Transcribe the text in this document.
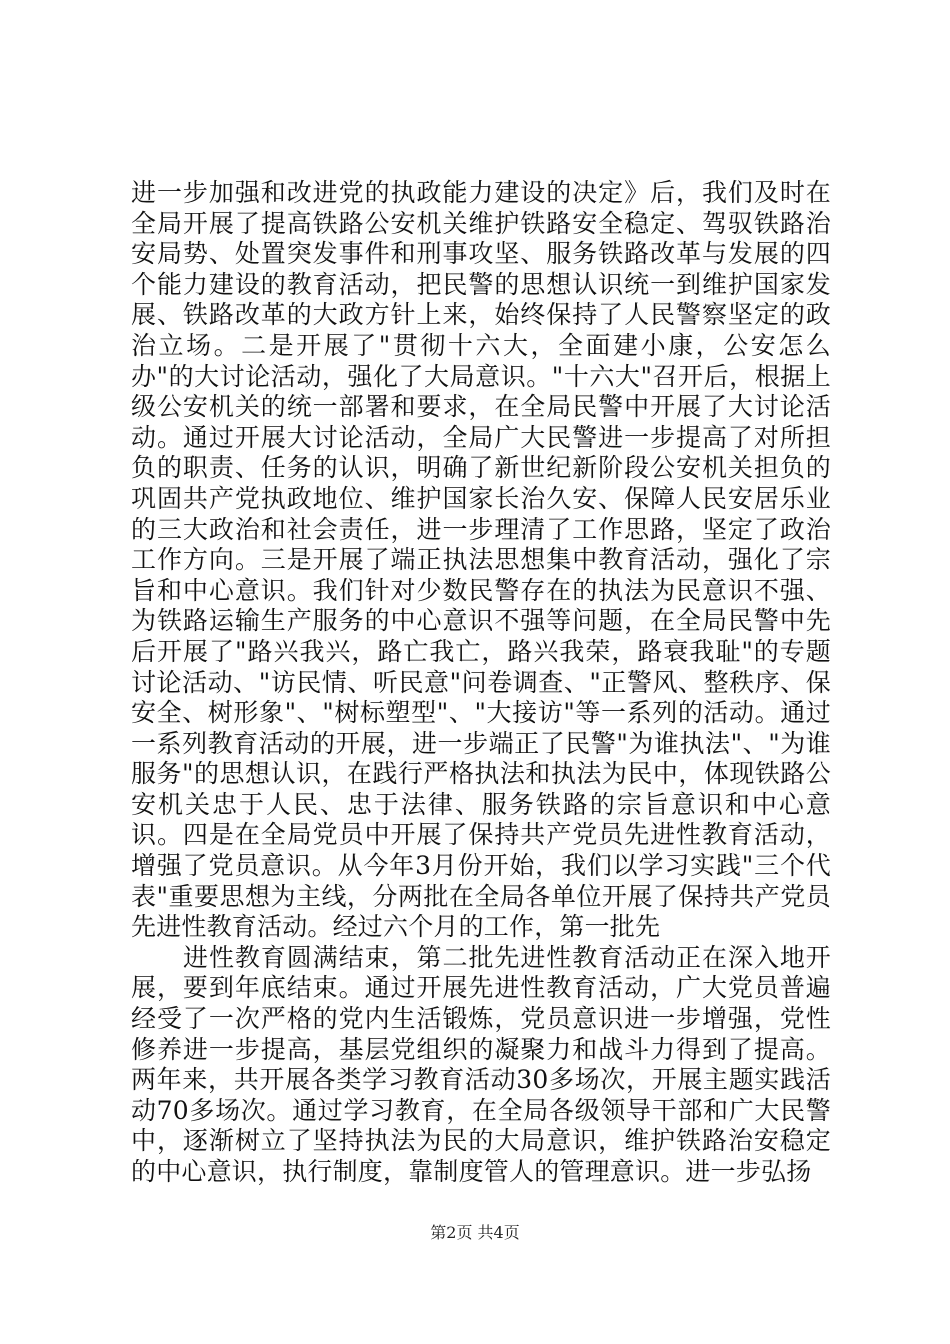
进一步加强和改进党的执政能力建设的决定》后，我们及时在全局开展了提高铁路公安机关维护铁路安全稳定、驾驭铁路治安局势、处置突发事件和刑事攻坚、服务铁路改革与发展的四个能力建设的教育活动，把民警的思想认识统一到维护国家发展、铁路改革的大政方针上来，始终保持了人民警察坚定的政治立场。二是开展了"贯彻十六大，全面建小康，公安怎么办"的大讨论活动，强化了大局意识。"十六大"召开后，根据上级公安机关的统一部署和要求，在全局民警中开展了大讨论活动。通过开展大讨论活动，全局广大民警进一步提高了对所担负的职责、任务的认识，明确了新世纪新阶段公安机关担负的巩固共产党执政地位、维护国家长治久安、保障人民安居乐业的三大政治和社会责任，进一步理清了工作思路，坚定了政治工作方向。三是开展了端正执法思想集中教育活动，强化了宗旨和中心意识。我们针对少数民警存在的执法为民意识不强、为铁路运输生产服务的中心意识不强等问题，在全局民警中先后开展了"路兴我兴，路亡我亡，路兴我荣，路衰我耻"的专题讨论活动、"访民情、听民意"问卷调查、"正警风、整秩序、保安全、树形象"、"树标塑型"、"大接访"等一系列的活动。通过一系列教育活动的开展，进一步端正了民警"为谁执法"、"为谁服务"的思想认识，在践行严格执法和执法为民中，体现铁路公安机关忠于人民、忠于法律、服务铁路的宗旨意识和中心意识。四是在全局党员中开展了保持共产党员先进性教育活动，增强了党员意识。从今年3月份开始，我们以学习实践"三个代表"重要思想为主线，分两批在全局各单位开展了保持共产党员先进性教育活动。经过六个月的工作，第一批先

进性教育圆满结束，第二批先进性教育活动正在深入地开展，要到年底结束。通过开展先进性教育活动，广大党员普遍经受了一次严格的党内生活锻炼，党员意识进一步增强，党性修养进一步提高，基层党组织的凝聚力和战斗力得到了提高。两年来，共开展各类学习教育活动30多场次，开展主题实践活动70多场次。通过学习教育，在全局各级领导干部和广大民警中，逐渐树立了坚持执法为民的大局意识，维护铁路治安稳定的中心意识，执行制度，靠制度管人的管理意识。进一步弘扬

第2页 共4页
